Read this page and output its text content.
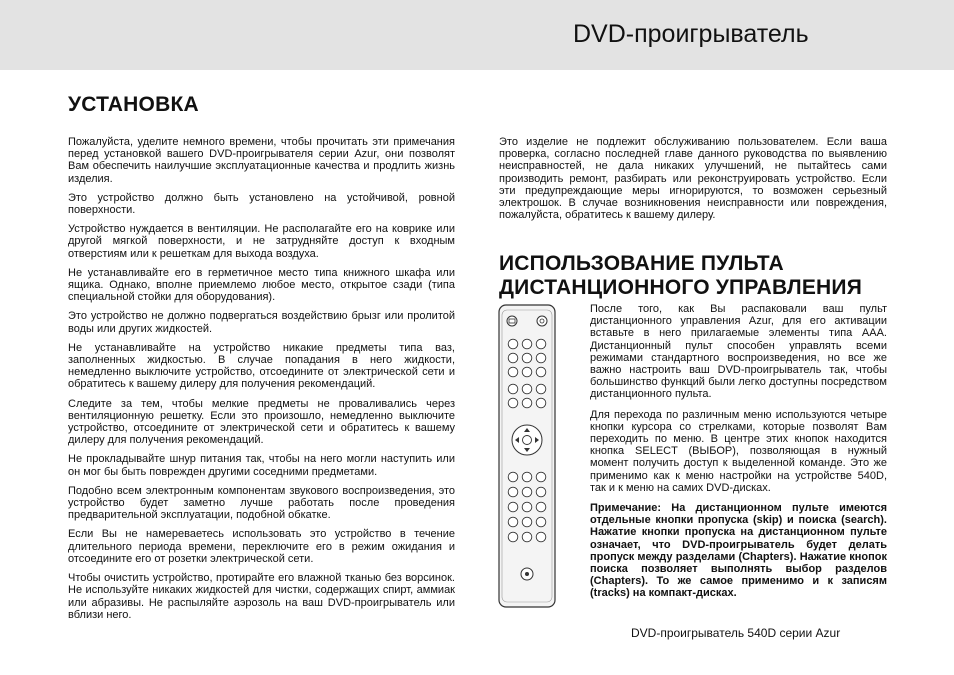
DVD-проигрыватель
УСТАНОВКА

Пожалуйста, уделите немного времени, чтобы прочитать эти примечания перед установкой вашего DVD-проигрывателя серии Azur, они позволят Вам обеспечить наилучшие эксплуатационные качества и продлить жизнь изделия.

Это устройство должно быть установлено на устойчивой, ровной поверхности.

Устройство нуждается в вентиляции. Не располагайте его на коврике или другой мягкой поверхности, и не затрудняйте доступ к входным отверстиям или к решеткам для выхода воздуха.

Не устанавливайте его в герметичное место типа книжного шкафа или ящика. Однако, вполне приемлемо любое место, открытое сзади (типа специальной стойки для оборудования).

Это устройство не должно подвергаться воздействию брызг или пролитой воды или других жидкостей.

Не устанавливайте на устройство никакие предметы типа ваз, заполненных жидкостью. В случае попадания в него жидкости, немедленно выключите устройство, отсоедините от электрической сети и обратитесь к вашему дилеру для получения рекомендаций.

Следите за тем, чтобы мелкие предметы не проваливались через вентиляционную решетку. Если это произошло, немедленно выключите устройство, отсоедините от электрической сети и обратитесь к вашему дилеру для получения рекомендаций.

Не прокладывайте шнур питания так, чтобы на него могли наступить или он мог бы быть поврежден другими соседними предметами.

Подобно всем электронным компонентам звукового воспроизведения, это устройство будет заметно лучше работать после проведения предварительной эксплуатации, подобной обкатке.

Если Вы не намереваетесь использовать это устройство в течение длительного периода времени, переключите его в режим ожидания и отсоедините его от розетки электрической сети.

Чтобы очистить устройство, протирайте его влажной тканью без ворсинок. Не используйте никаких жидкостей для чистки, содержащих спирт, аммиак или абразивы. Не распыляйте аэрозоль на ваш DVD-проигрыватель или вблизи него.

Это изделие не подлежит обслуживанию пользователем. Если ваша проверка, согласно последней главе данного руководства по выявлению неисправностей, не дала никаких улучшений, не пытайтесь сами производить ремонт, разбирать или реконструировать устройство. Если эти предупреждающие меры игнорируются, то возможен серьезный электрошок. В случае возникновения неисправности или повреждения, пожалуйста, обратитесь к вашему дилеру.

ИСПОЛЬЗОВАНИЕ ПУЛЬТА
ДИСТАНЦИОННОГО УПРАВЛЕНИЯ

После того, как Вы распаковали ваш пульт дистанционного управления Azur, для его активации вставьте в него прилагаемые элементы типа AAA. Дистанционный пульт способен управлять всеми режимами стандартного воспроизведения, но все же важно настроить ваш DVD-проигрыватель так, чтобы большинство функций были легко доступны посредством дистанционного пульта.

Для перехода по различным меню используются четыре кнопки курсора со стрелками, которые позволят Вам переходить по меню. В центре этих кнопок находится кнопка SELECT (ВЫБОР), позволяющая в нужный момент получить доступ к выделенной команде. Это же применимо как к меню настройки на устройстве 540D, так и к меню на самих DVD-дисках.

Примечание: На дистанционном пульте имеются отдельные кнопки пропуска (skip) и поиска (search). Нажатие кнопки пропуска на дистанционном пульте означает, что DVD-проигрыватель будет делать пропуск между разделами (Chapters). Нажатие кнопок поиска позволяет выполнять выбор разделов (Chapters). То же самое применимо и к записям (tracks) на компакт-дисках.

DVD-проигрыватель 540D серии Azur
